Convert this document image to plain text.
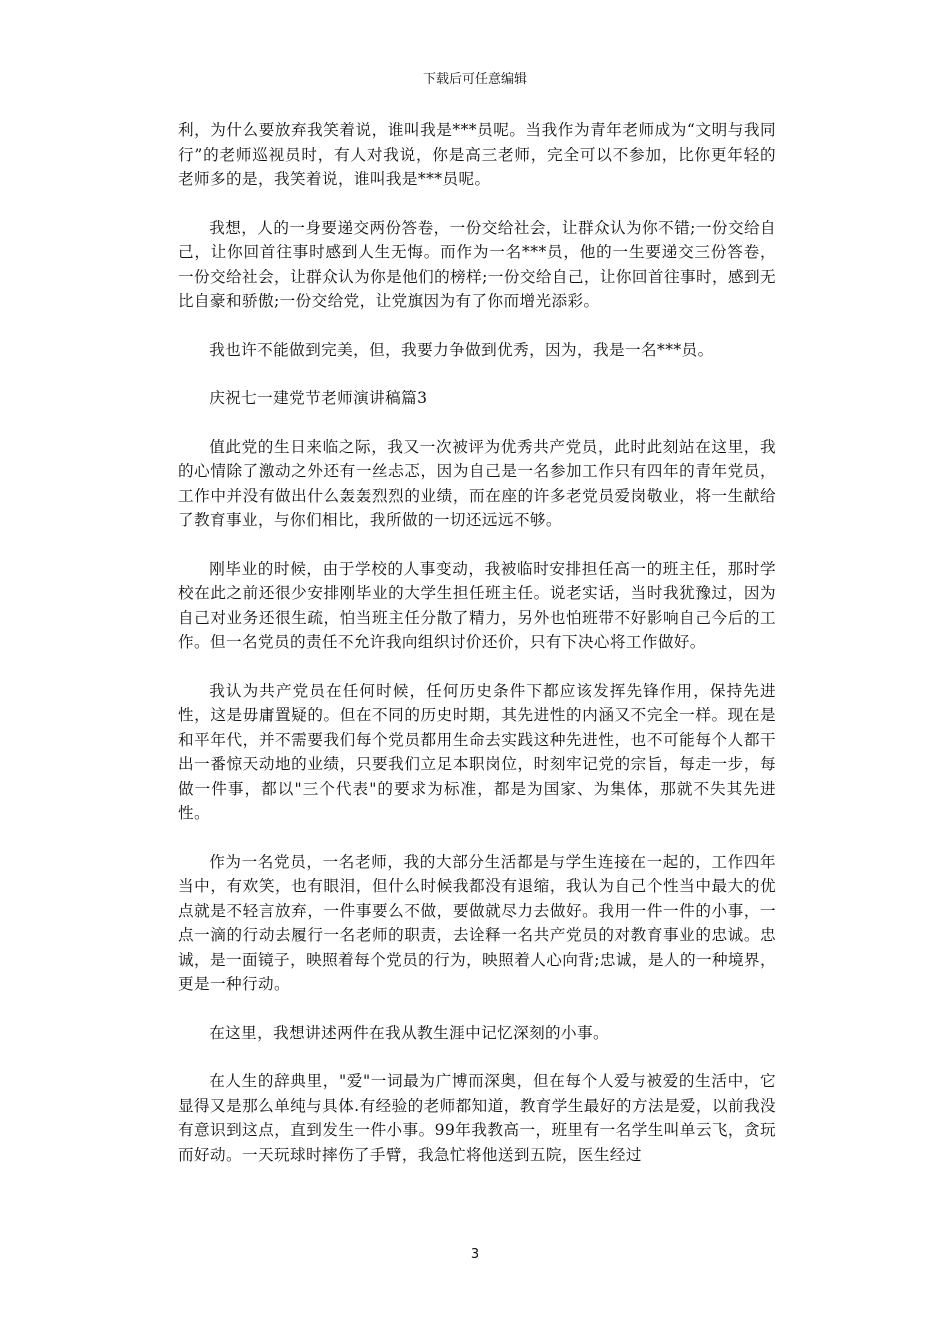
下载后可任意编辑

利，为什么要放弃我笑着说，谁叫我是***员呢。当我作为青年老师成为“文明与我同行”的老师巡视员时，有人对我说，你是高三老师，完全可以不参加，比你更年轻的老师多的是，我笑着说，谁叫我是***员呢。

我想，人的一身要递交两份答卷，一份交给社会，让群众认为你不错;一份交给自己，让你回首往事时感到人生无悔。而作为一名***员，他的一生要递交三份答卷，一份交给社会，让群众认为你是他们的榜样;一份交给自己，让你回首往事时，感到无比自豪和骄傲;一份交给党，让党旗因为有了你而增光添彩。

我也许不能做到完美，但，我要力争做到优秀，因为，我是一名***员。

庆祝七一建党节老师演讲稿篇3

值此党的生日来临之际，我又一次被评为优秀共产党员，此时此刻站在这里，我的心情除了激动之外还有一丝忐忑，因为自己是一名参加工作只有四年的青年党员，工作中并没有做出什么轰轰烈烈的业绩，而在座的许多老党员爱岗敬业，将一生献给了教育事业，与你们相比，我所做的一切还远远不够。

刚毕业的时候，由于学校的人事变动，我被临时安排担任高一的班主任，那时学校在此之前还很少安排刚毕业的大学生担任班主任。说老实话，当时我犹豫过，因为自己对业务还很生疏，怕当班主任分散了精力，另外也怕班带不好影响自己今后的工作。但一名党员的责任不允许我向组织讨价还价，只有下决心将工作做好。

我认为共产党员在任何时候，任何历史条件下都应该发挥先锋作用，保持先进性，这是毋庸置疑的。但在不同的历史时期，其先进性的内涵又不完全一样。现在是和平年代，并不需要我们每个党员都用生命去实践这种先进性，也不可能每个人都干出一番惊天动地的业绩，只要我们立足本职岗位，时刻牢记党的宗旨，每走一步，每做一件事，都以"三个代表"的要求为标准，都是为国家、为集体，那就不失其先进性。

作为一名党员，一名老师，我的大部分生活都是与学生连接在一起的，工作四年当中，有欢笑，也有眼泪，但什么时候我都没有退缩，我认为自己个性当中最大的优点就是不轻言放弃，一件事要么不做，要做就尽力去做好。我用一件一件的小事，一点一滴的行动去履行一名老师的职责，去诠释一名共产党员的对教育事业的忠诚。忠诚，是一面镜子，映照着每个党员的行为，映照着人心向背;忠诚，是人的一种境界，更是一种行动。

在这里，我想讲述两件在我从教生涯中记忆深刻的小事。

在人生的辞典里，"爱"一词最为广博而深奥，但在每个人爱与被爱的生活中，它显得又是那么单纯与具体.有经验的老师都知道，教育学生最好的方法是爱，以前我没有意识到这点，直到发生一件小事。99年我教高一，班里有一名学生叫单云飞，贪玩而好动。一天玩球时摔伤了手臂，我急忙将他送到五院，医生经过

3
